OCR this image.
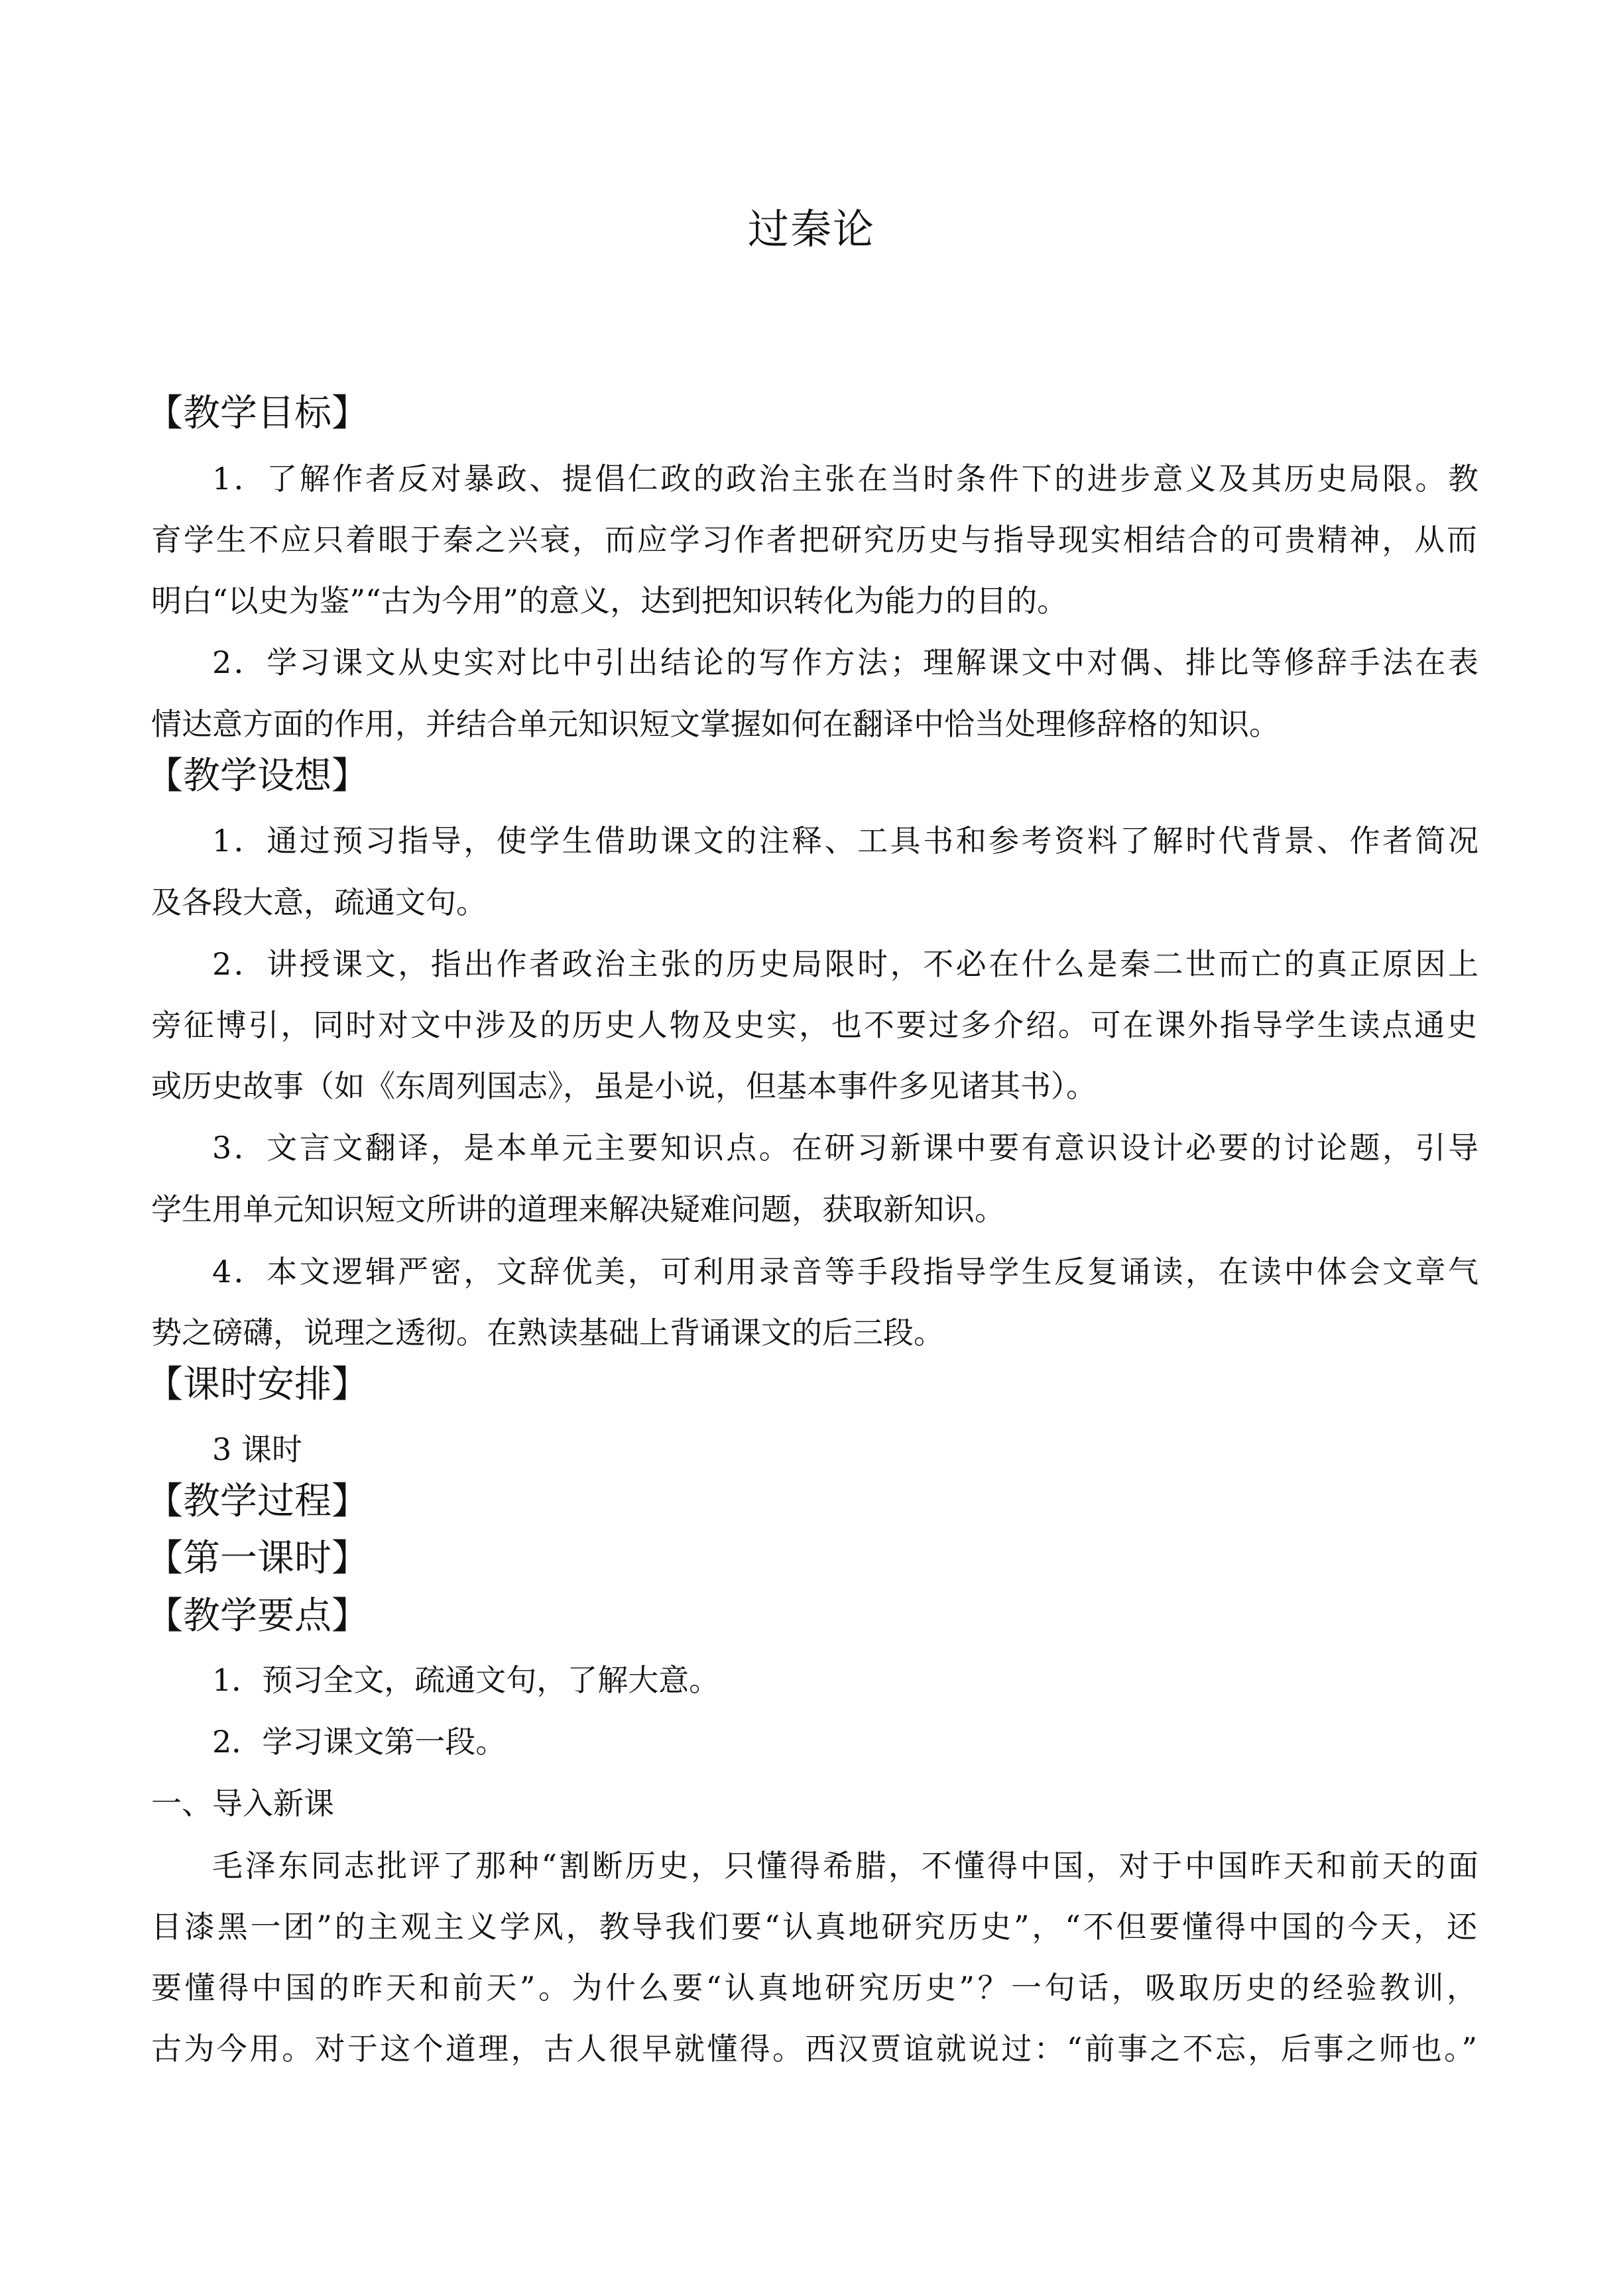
过秦论
【教学目标】
1．了解作者反对暴政、提倡仁政的政治主张在当时条件下的进步意义及其历史局限。教
育学生不应只着眼于秦之兴衰，而应学习作者把研究历史与指导现实相结合的可贵精神，从而
明白“以史为鉴”“古为今用”的意义，达到把知识转化为能力的目的。
2．学习课文从史实对比中引出结论的写作方法；理解课文中对偶、排比等修辞手法在表
情达意方面的作用，并结合单元知识短文掌握如何在翻译中恰当处理修辞格的知识。
【教学设想】
1．通过预习指导，使学生借助课文的注释、工具书和参考资料了解时代背景、作者简况
及各段大意，疏通文句。
2．讲授课文，指出作者政治主张的历史局限时，不必在什么是秦二世而亡的真正原因上
旁征博引，同时对文中涉及的历史人物及史实，也不要过多介绍。可在课外指导学生读点通史
或历史故事（如《东周列国志》，虽是小说，但基本事件多见诸其书）。
3．文言文翻译，是本单元主要知识点。在研习新课中要有意识设计必要的讨论题，引导
学生用单元知识短文所讲的道理来解决疑难问题，获取新知识。
4．本文逻辑严密，文辞优美，可利用录音等手段指导学生反复诵读，在读中体会文章气
势之磅礴，说理之透彻。在熟读基础上背诵课文的后三段。
【课时安排】
3 课时
【教学过程】
【第一课时】
【教学要点】
1．预习全文，疏通文句，了解大意。
2．学习课文第一段。
一、导入新课
毛泽东同志批评了那种“割断历史，只懂得希腊，不懂得中国，对于中国昨天和前天的面
目漆黑一团”的主观主义学风，教导我们要“认真地研究历史”，“不但要懂得中国的今天，还
要懂得中国的昨天和前天”。为什么要“认真地研究历史”？一句话，吸取历史的经验教训，
古为今用。对于这个道理，古人很早就懂得。西汉贾谊就说过：“前事之不忘，后事之师也。”
